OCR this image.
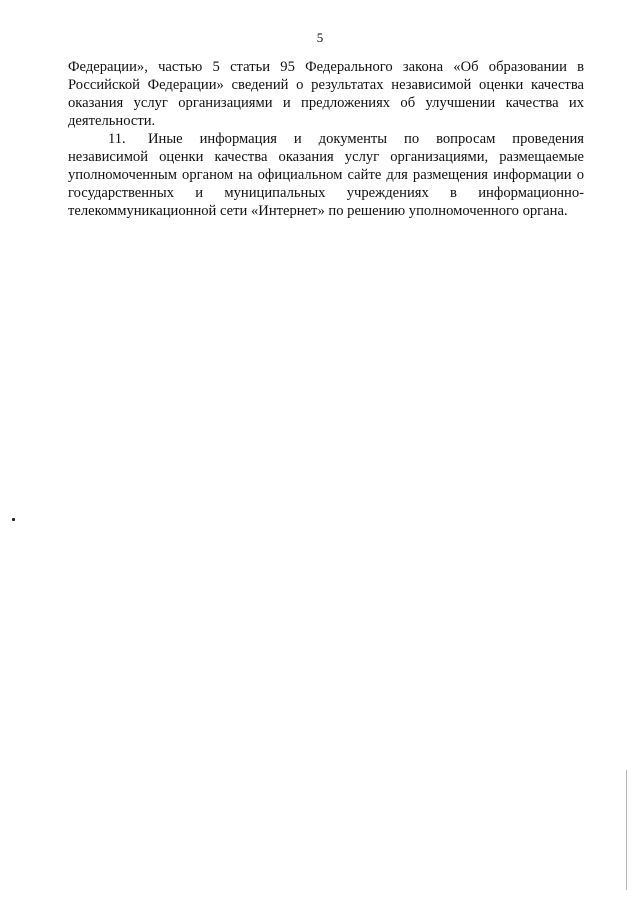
5

Федерации», частью 5 статьи 95 Федерального закона «Об образовании в Российской Федерации» сведений о результатах независимой оценки качества оказания услуг организациями и предложениях об улучшении качества их деятельности.

11. Иные информация и документы по вопросам проведения независимой оценки качества оказания услуг организациями, размещаемые уполномоченным органом на официальном сайте для размещения информации о государственных и муниципальных учреждениях в информационно-телекоммуникационной сети «Интернет» по решению уполномоченного органа.
